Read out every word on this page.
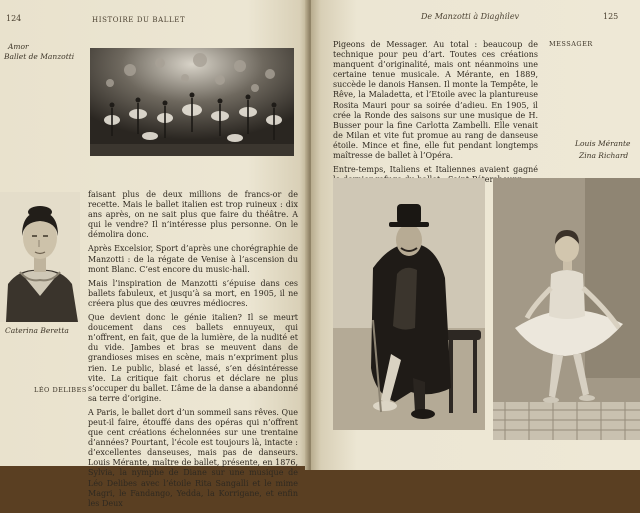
124	HISTOIRE DU BALLET
Amor
Ballet de Manzotti
Caterina Beretta
LÉO DELIBES

faisant plus de deux millions de francs-or de recette. Mais le ballet italien est trop ruineux : dix ans après, on ne sait plus que faire du théâtre. A qui le vendre? Il n’intéresse plus personne. On le démolira donc.

Après Excelsior, Sport d’après une chorégraphie de Manzotti : de la régate de Venise à l’ascension du mont Blanc. C’est encore du music-hall.

Mais l’inspiration de Manzotti s’épuise dans ces ballets fabuleux, et jusqu’à sa mort, en 1905, il ne créera plus que des œuvres médiocres.

Que devient donc le génie italien? Il se meurt doucement dans ces ballets ennuyeux, qui n’offrent, en fait, que de la lumière, de la nudité et du vide. Jambes et bras se meuvent dans de grandioses mises en scène, mais n’expriment plus rien. Le public, blasé et lassé, s’en désintéresse vite. La critique fait chorus et déclare ne plus s’occuper du ballet. L’âme de la danse a abandonné sa terre d’origine.

A Paris, le ballet dort d’un sommeil sans rêves. Que peut-il faire, étouffé dans des opéras qui n’offrent que cent créations échelonnées sur une trentaine d’années? Pourtant, l’école est toujours là, intacte : d’excellentes danseuses, mais pas de danseurs. Louis Mérante, maître de ballet, présente, en 1876, Sylvia, la nymphe de Diane sur une musique de Léo Delibes avec l’étoile Rita Sangalli et le mime Magri, le Fandango, Yedda, la Korrigane, et enfin les Deux

De Manzotti à Diaghilev	125

Pigeons de Messager. Au total : beaucoup de technique pour peu d’art. Toutes ces créations manquent d’originalité, mais ont néanmoins une certaine tenue musicale. A Mérante, en 1889, succède le danois Hansen. Il monte la Tempête, le Rêve, la Maladetta, et l’Etoile avec la plantureuse Rosita Mauri pour sa soirée d’adieu. En 1905, il crée la Ronde des saisons sur une musique de H. Busser pour la fine Carlotta Zambelli. Elle venait de Milan et vite fut promue au rang de danseuse étoile. Mince et fine, elle fut pendant longtemps maîtresse de ballet à l’Opéra.

Entre-temps, Italiens et Italiennes avaient gagné Saint-Pétersbourg.

MESSAGER
Louis Mérante
Zina Richard
